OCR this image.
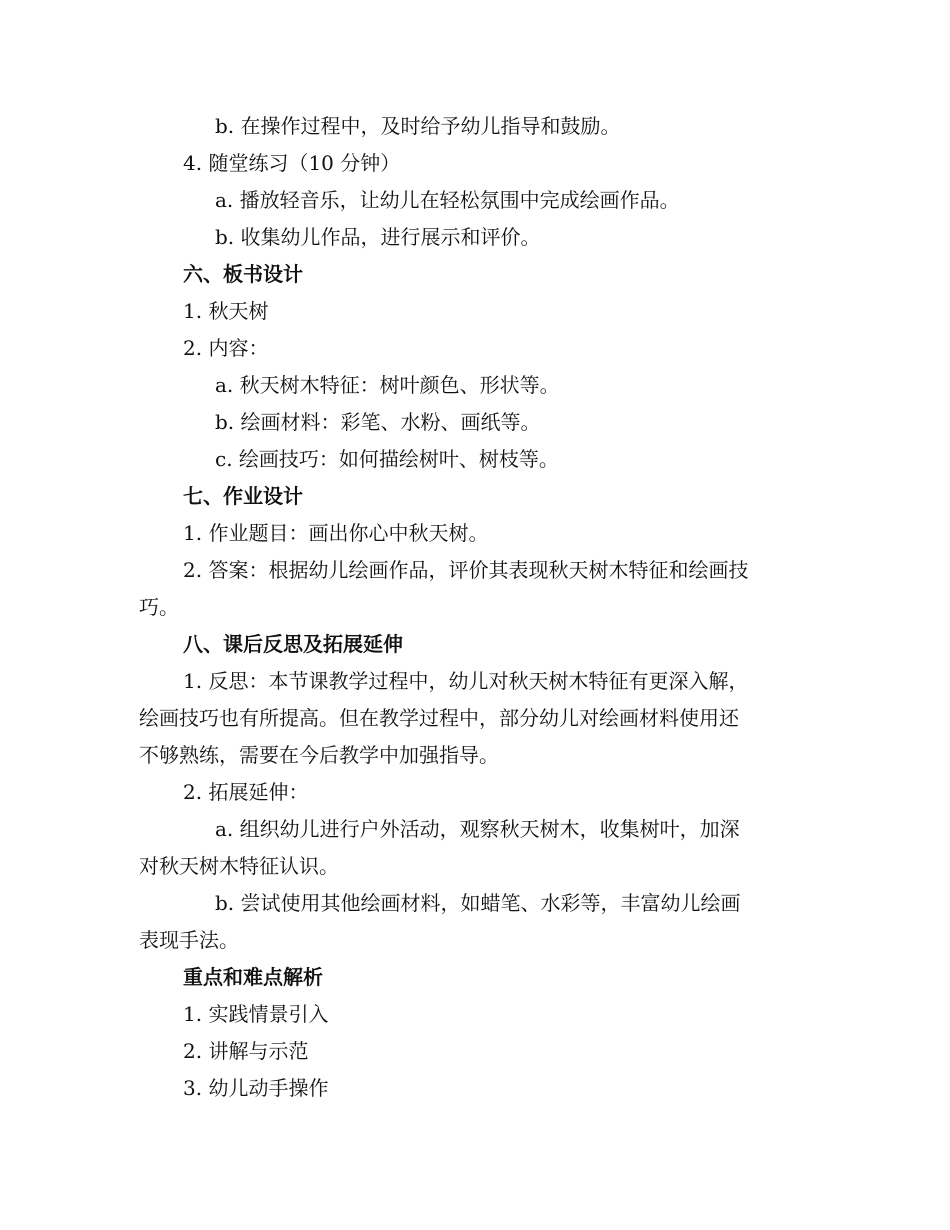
b. 在操作过程中，及时给予幼儿指导和鼓励。
4. 随堂练习（10 分钟）
a. 播放轻音乐，让幼儿在轻松氛围中完成绘画作品。
b. 收集幼儿作品，进行展示和评价。
六、板书设计
1. 秋天树
2. 内容：
a. 秋天树木特征：树叶颜色、形状等。
b. 绘画材料：彩笔、水粉、画纸等。
c. 绘画技巧：如何描绘树叶、树枝等。
七、作业设计
1. 作业题目：画出你心中秋天树。
2. 答案：根据幼儿绘画作品，评价其表现秋天树木特征和绘画技
巧。
八、课后反思及拓展延伸
1. 反思：本节课教学过程中，幼儿对秋天树木特征有更深入解，
绘画技巧也有所提高。但在教学过程中，部分幼儿对绘画材料使用还
不够熟练，需要在今后教学中加强指导。
2. 拓展延伸：
a. 组织幼儿进行户外活动，观察秋天树木，收集树叶，加深
对秋天树木特征认识。
b. 尝试使用其他绘画材料，如蜡笔、水彩等，丰富幼儿绘画
表现手法。
重点和难点解析
1. 实践情景引入
2. 讲解与示范
3. 幼儿动手操作
